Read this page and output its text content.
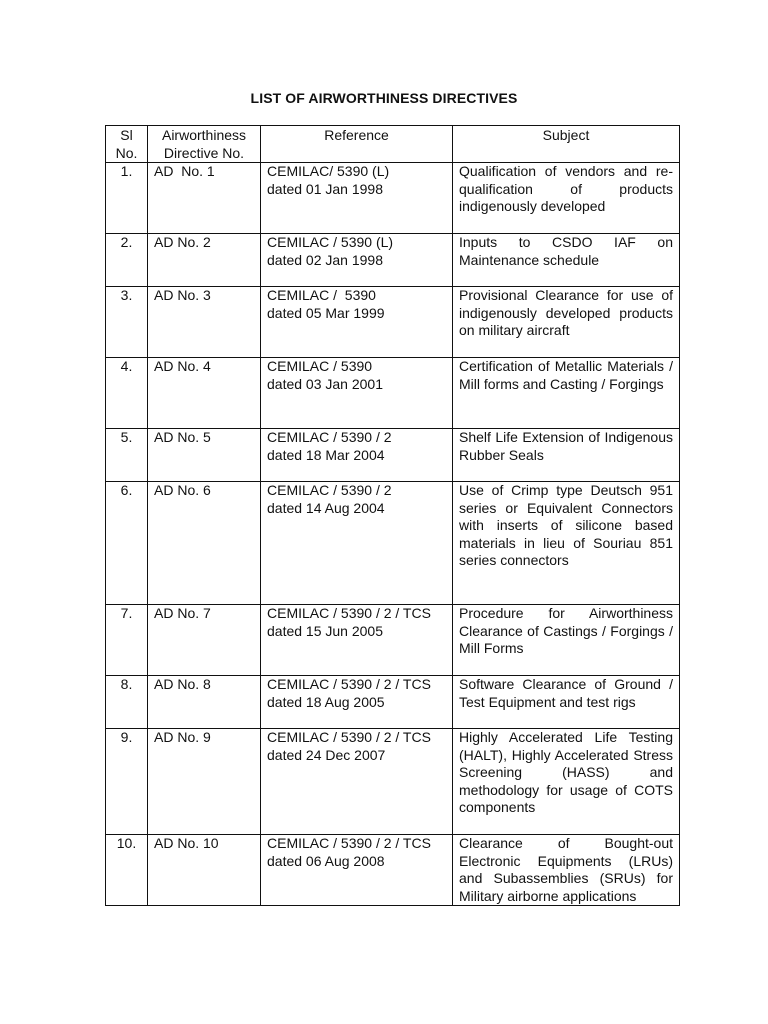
LIST OF AIRWORTHINESS DIRECTIVES
Sl
No.	Airworthiness
Directive No.	Reference	Subject
1.	AD  No. 1	CEMILAC/ 5390 (L)
dated 01 Jan 1998	Qualification of vendors and re-qualification of products indigenously developed
2.	AD No. 2	CEMILAC / 5390 (L)
dated 02 Jan 1998	Inputs to CSDO IAF on Maintenance schedule
3.	AD No. 3	CEMILAC /  5390
dated 05 Mar 1999	Provisional Clearance for use of indigenously developed products on military aircraft
4.	AD No. 4	CEMILAC / 5390
dated 03 Jan 2001	Certification of Metallic Materials / Mill forms and Casting / Forgings
5.	AD No. 5	CEMILAC / 5390 / 2
dated 18 Mar 2004	Shelf Life Extension of Indigenous Rubber Seals
6.	AD No. 6	CEMILAC / 5390 / 2
dated 14 Aug 2004	Use of Crimp type Deutsch 951 series or Equivalent Connectors with inserts of silicone based materials in lieu of Souriau 851 series connectors
7.	AD No. 7	CEMILAC / 5390 / 2 / TCS
dated 15 Jun 2005	Procedure for Airworthiness Clearance of Castings / Forgings / Mill Forms
8.	AD No. 8	CEMILAC / 5390 / 2 / TCS
dated 18 Aug 2005	Software Clearance of Ground / Test Equipment and test rigs
9.	AD No. 9	CEMILAC / 5390 / 2 / TCS
dated 24 Dec 2007	Highly Accelerated Life Testing (HALT), Highly Accelerated Stress Screening (HASS) and methodology for usage of COTS components
10.	AD No. 10	CEMILAC / 5390 / 2 / TCS
dated 06 Aug 2008	Clearance of Bought-out Electronic Equipments (LRUs) and Subassemblies (SRUs) for Military airborne applications
